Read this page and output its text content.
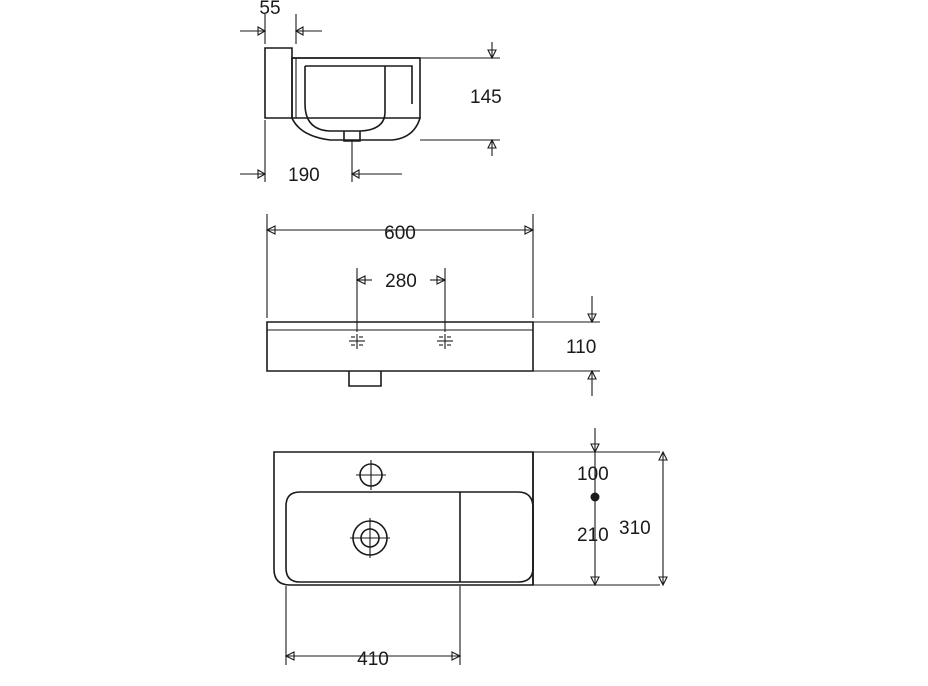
55
145
190
600
280
110
100
210 310
410
